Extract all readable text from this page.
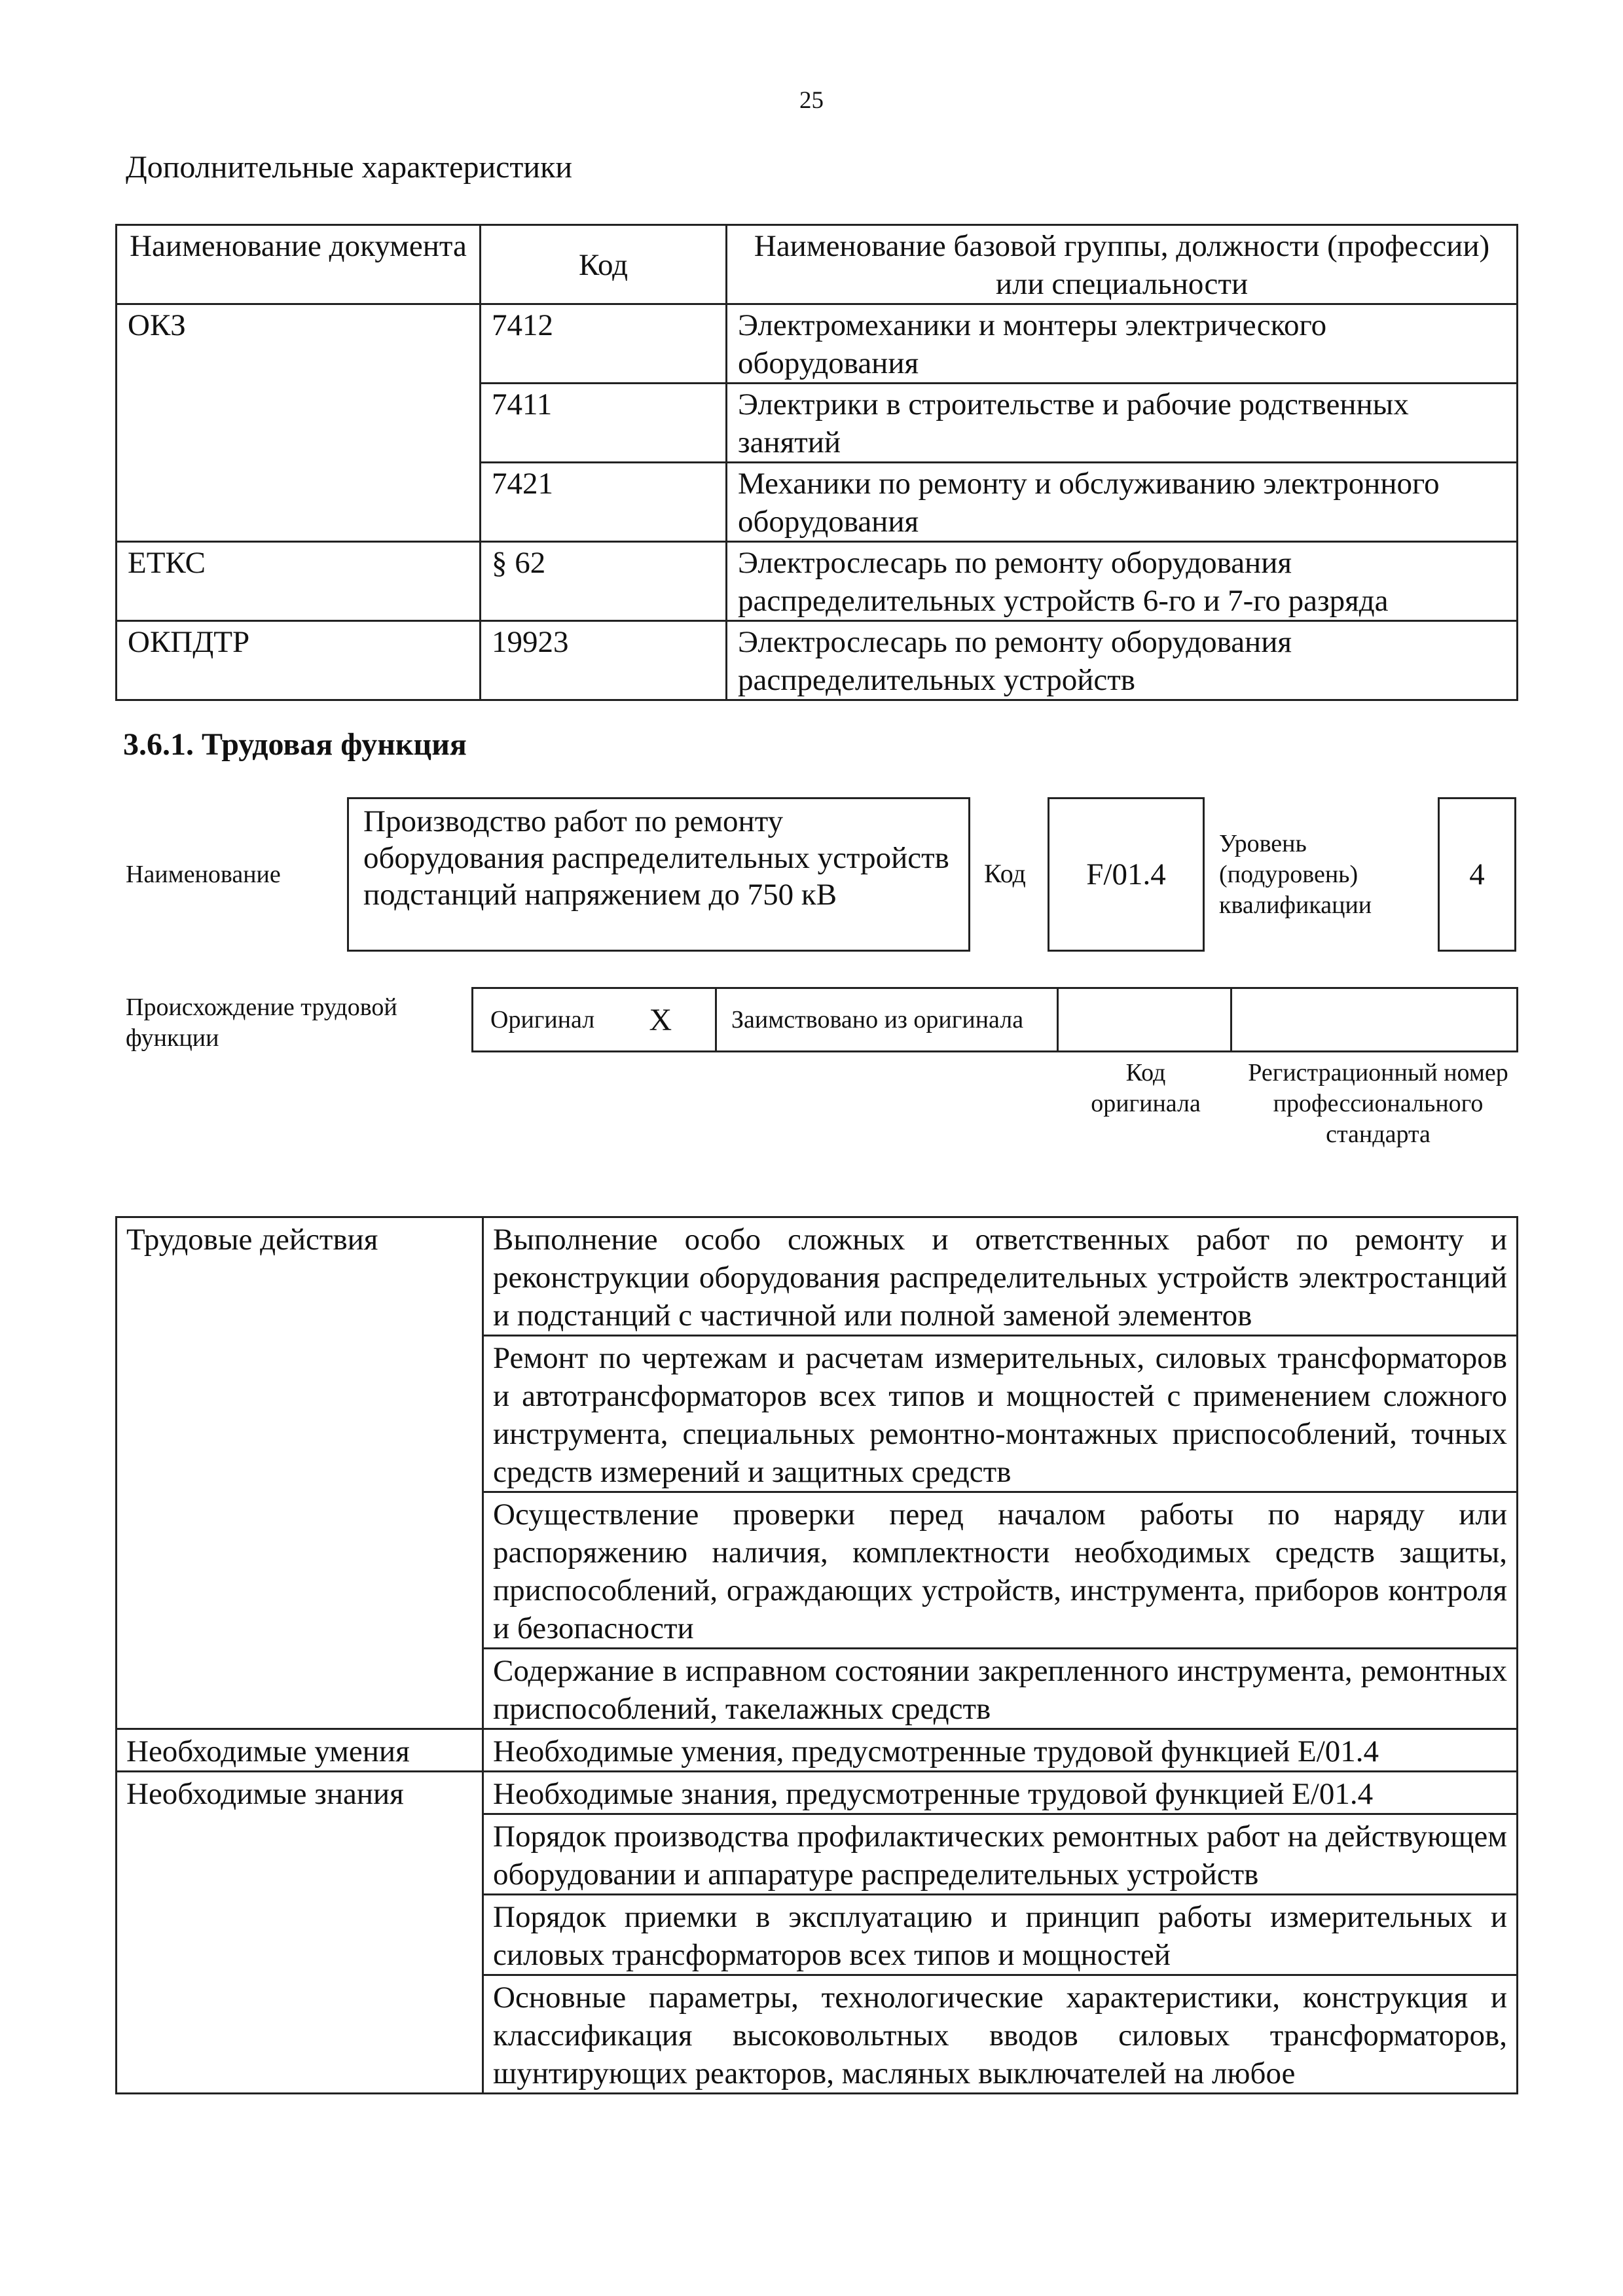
25
Дополнительные характеристики
Наименование документа	Код	Наименование базовой группы, должности (профессии) или специальности
ОКЗ	7412	Электромеханики и монтеры электрического оборудования
	7411	Электрики в строительстве и рабочие родственных занятий
	7421	Механики по ремонту и обслуживанию электронного оборудования
ЕТКС	§ 62	Электрослесарь по ремонту оборудования распределительных устройств 6-го и 7-го разряда
ОКПДТР	19923	Электрослесарь по ремонту оборудования распределительных устройств
3.6.1. Трудовая функция
Наименование
Производство работ по ремонту оборудования распределительных устройств подстанций напряжением до 750 кВ
Код F/01.4
Уровень (подуровень) квалификации
4
Происхождение трудовой функции
Оригинал	X	Заимствовано из оригинала		
Код оригинала
Регистрационный номер профессионального стандарта
Трудовые действия	Выполнение особо сложных и ответственных работ по ремонту и реконструкции оборудования распределительных устройств электростанций и подстанций с частичной или полной заменой элементов
	Ремонт по чертежам и расчетам измерительных, силовых трансформаторов и автотрансформаторов всех типов и мощностей с применением сложного инструмента, специальных ремонтно-монтажных приспособлений, точных средств измерений и защитных средств
	Осуществление проверки перед началом работы по наряду или распоряжению наличия, комплектности необходимых средств защиты, приспособлений, ограждающих устройств, инструмента, приборов контроля и безопасности
	Содержание в исправном состоянии закрепленного инструмента, ремонтных приспособлений, такелажных средств
Необходимые умения	Необходимые умения, предусмотренные трудовой функцией E/01.4
Необходимые знания	Необходимые знания, предусмотренные трудовой функцией E/01.4
	Порядок производства профилактических ремонтных работ на действующем оборудовании и аппаратуре распределительных устройств
	Порядок приемки в эксплуатацию и принцип работы измерительных и силовых трансформаторов всех типов и мощностей
	Основные параметры, технологические характеристики, конструкция и классификация высоковольтных вводов силовых трансформаторов, шунтирующих реакторов, масляных выключателей на любое
